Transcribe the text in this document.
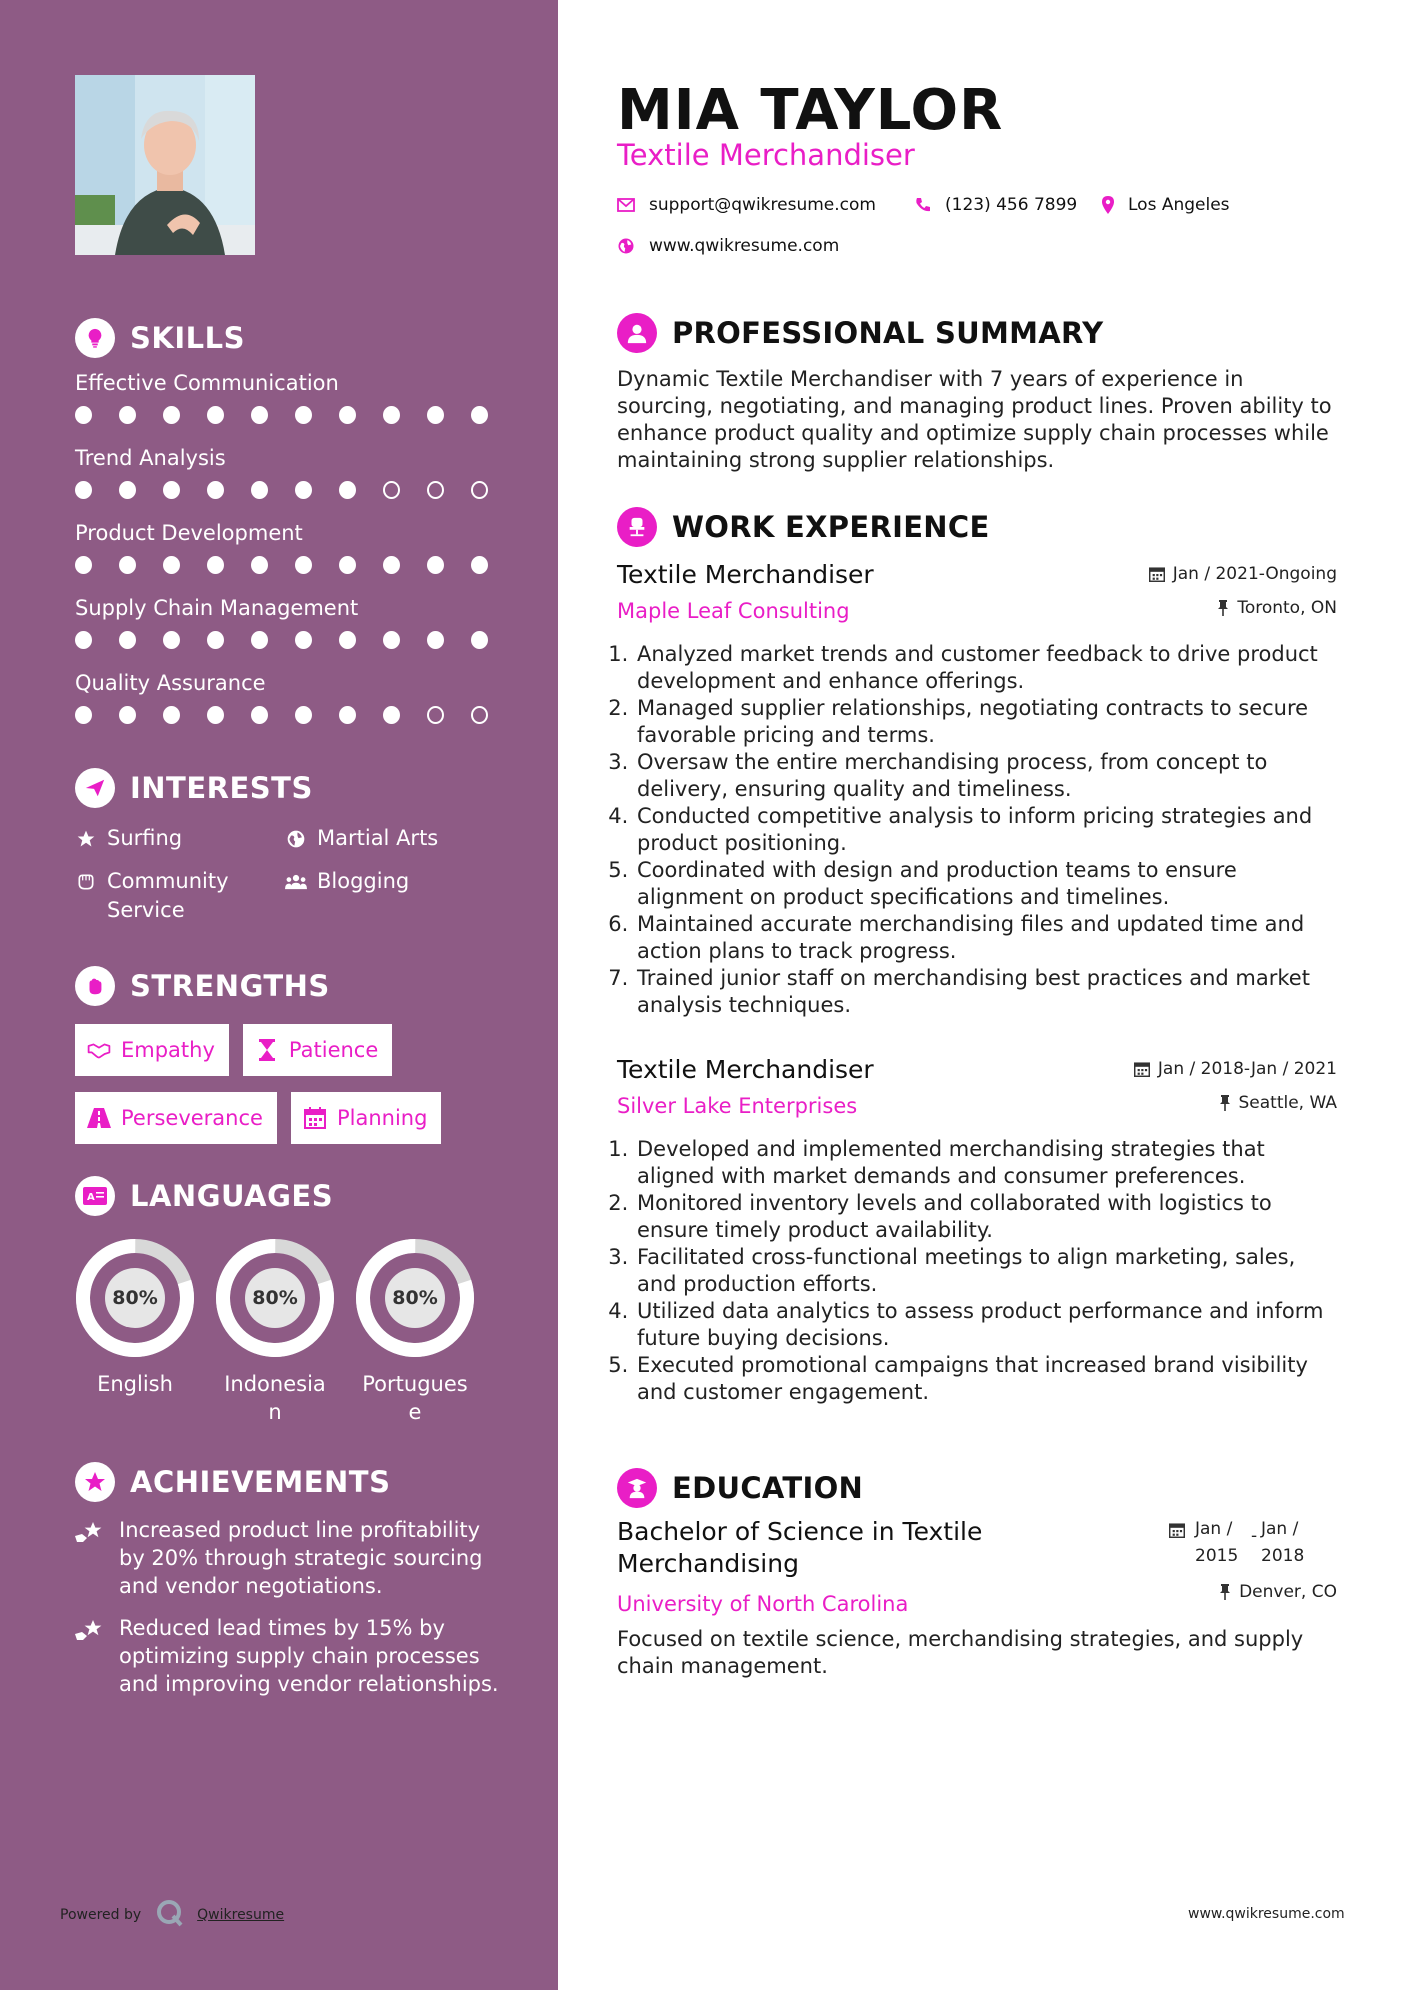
SKILLS
Effective Communication
Trend Analysis
Product Development
Supply Chain Management
Quality Assurance
INTERESTS
Surfing	Martial Arts
Community Service
Blogging
STRENGTHS
Empathy	Patience
Perseverance	Planning
A LANGUAGES
80%
English
80%
Indonesian
80%
Portuguese
ACHIEVEMENTS
Increased product line profitability by 20% through strategic sourcing and vendor negotiations.
Reduced lead times by 15% by optimizing supply chain processes and improving vendor relationships.
Powered by	Qwikresume
MIA TAYLOR
Textile Merchandiser
support@qwikresume.com	(123) 456 7899	Los Angeles
www.qwikresume.com
PROFESSIONAL SUMMARY
Dynamic Textile Merchandiser with 7 years of experience in sourcing, negotiating, and managing product lines. Proven ability to enhance product quality and optimize supply chain processes while maintaining strong supplier relationships.
WORK EXPERIENCE
Textile Merchandiser
Maple Leaf Consulting
Jan / 2021-Ongoing
Toronto, ON
1. Analyzed market trends and customer feedback to drive product development and enhance offerings.
2. Managed supplier relationships, negotiating contracts to secure favorable pricing and terms.
3. Oversaw the entire merchandising process, from concept to delivery, ensuring quality and timeliness.
4. Conducted competitive analysis to inform pricing strategies and product positioning.
5. Coordinated with design and production teams to ensure alignment on product specifications and timelines.
6. Maintained accurate merchandising files and updated time and action plans to track progress.
7. Trained junior staff on merchandising best practices and market analysis techniques.
Textile Merchandiser
Silver Lake Enterprises
Jan / 2018-Jan / 2021
Seattle, WA
1. Developed and implemented merchandising strategies that aligned with market demands and consumer preferences.
2. Monitored inventory levels and collaborated with logistics to ensure timely product availability.
3. Facilitated cross-functional meetings to align marketing, sales, and production efforts.
4. Utilized data analytics to assess product performance and inform future buying decisions.
5. Executed promotional campaigns that increased brand visibility and customer engagement.
EDUCATION
Bachelor of Science in Textile Merchandising
University of North Carolina
Focused on textile science, merchandising strategies, and supply chain management.
Jan / 2015
- Jan / 2018
Denver, CO
www.qwikresume.com
